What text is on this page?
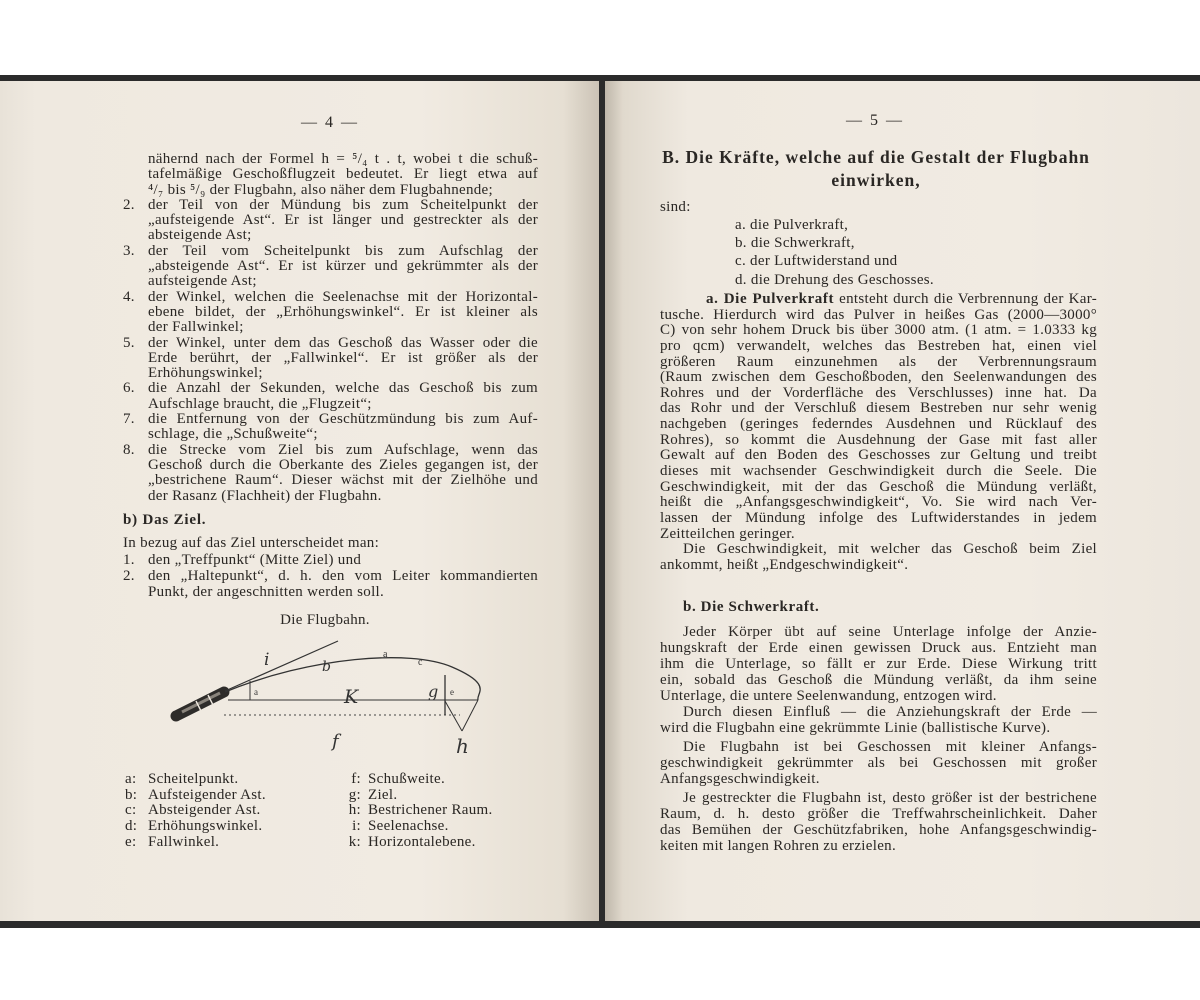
— 4 —
nähernd nach der Formel h = ⁵/₄ t . t, wobei t die schuß-
tafelmäßige Geschoßflugzeit bedeutet. Er liegt etwa auf
⁴/₇ bis ⁵/₉ der Flugbahn, also näher dem Flugbahnende;
2. der Teil von der Mündung bis zum Scheitelpunkt der
„aufsteigende Ast“. Er ist länger und gestreckter als der
absteigende Ast;
3. der Teil vom Scheitelpunkt bis zum Aufschlag der
„absteigende Ast“. Er ist kürzer und gekrümmter als der
aufsteigende Ast;
4. der Winkel, welchen die Seelenachse mit der Horizontal-
ebene bildet, der „Erhöhungswinkel“. Er ist kleiner als
der Fallwinkel;
5. der Winkel, unter dem das Geschoß das Wasser oder die
Erde berührt, der „Fallwinkel“. Er ist größer als der
Erhöhungswinkel;
6. die Anzahl der Sekunden, welche das Geschoß bis zum
Aufschlage braucht, die „Flugzeit“;
7. die Entfernung von der Geschützmündung bis zum Auf-
schlage, die „Schußweite“;
8. die Strecke vom Ziel bis zum Aufschlage, wenn das
Geschoß durch die Oberkante des Zieles gegangen ist, der
„bestrichene Raum“. Dieser wächst mit der Zielhöhe und
der Rasanz (Flachheit) der Flugbahn.
b) Das Ziel.
In bezug auf das Ziel unterscheidet man:
1. den „Treffpunkt“ (Mitte Ziel) und
2. den „Haltepunkt“, d. h. den vom Leiter kommandierten
Punkt, der angeschnitten werden soll.
Die Flugbahn.
i	b
a
c
a	K	g e
f	h
a: Scheitelpunkt.
b: Aufsteigender Ast.
c: Absteigender Ast.
d: Erhöhungswinkel.
e: Fallwinkel.
f: Schußweite.
g: Ziel.
h: Bestrichener Raum.
i: Seelenachse.
k: Horizontalebene.
— 5 —
B. Die Kräfte, welche auf die Gestalt der Flugbahn
einwirken,
sind:
a. die Pulverkraft,
b. die Schwerkraft,
c. der Luftwiderstand und
d. die Drehung des Geschosses.
a. Die Pulverkraft entsteht durch die Verbrennung der Kar-
tusche. Hierdurch wird das Pulver in heißes Gas (2000—3000°
C) von sehr hohem Druck bis über 3000 atm. (1 atm. = 1.0333 kg
pro qcm) verwandelt, welches das Bestreben hat, einen viel
größeren Raum einzunehmen als der Verbrennungsraum
(Raum zwischen dem Geschoßboden, den Seelenwandungen des
Rohres und der Vorderfläche des Verschlusses) inne hat. Da
das Rohr und der Verschluß diesem Bestreben nur sehr wenig
nachgeben (geringes federndes Ausdehnen und Rücklauf des
Rohres), so kommt die Ausdehnung der Gase mit fast aller
Gewalt auf den Boden des Geschosses zur Geltung und treibt
dieses mit wachsender Geschwindigkeit durch die Seele. Die
Geschwindigkeit, mit der das Geschoß die Mündung verläßt,
heißt die „Anfangsgeschwindigkeit“, Vo. Sie wird nach Ver-
lassen der Mündung infolge des Luftwiderstandes in jedem
Zeitteilchen geringer.
Die Geschwindigkeit, mit welcher das Geschoß beim Ziel
ankommt, heißt „Endgeschwindigkeit“.
b. Die Schwerkraft.
Jeder Körper übt auf seine Unterlage infolge der Anzie-
hungskraft der Erde einen gewissen Druck aus. Entzieht man
ihm die Unterlage, so fällt er zur Erde. Diese Wirkung tritt
ein, sobald das Geschoß die Mündung verläßt, da ihm seine
Unterlage, die untere Seelenwandung, entzogen wird.
Durch diesen Einfluß — die Anziehungskraft der Erde —
wird die Flugbahn eine gekrümmte Linie (ballistische Kurve).
Die Flugbahn ist bei Geschossen mit kleiner Anfangs-
geschwindigkeit gekrümmter als bei Geschossen mit großer
Anfangsgeschwindigkeit.
Je gestreckter die Flugbahn ist, desto größer ist der bestrichene
Raum, d. h. desto größer die Treffwahrscheinlichkeit. Daher
das Bemühen der Geschützfabriken, hohe Anfangsgeschwindig-
keiten mit langen Rohren zu erzielen.
